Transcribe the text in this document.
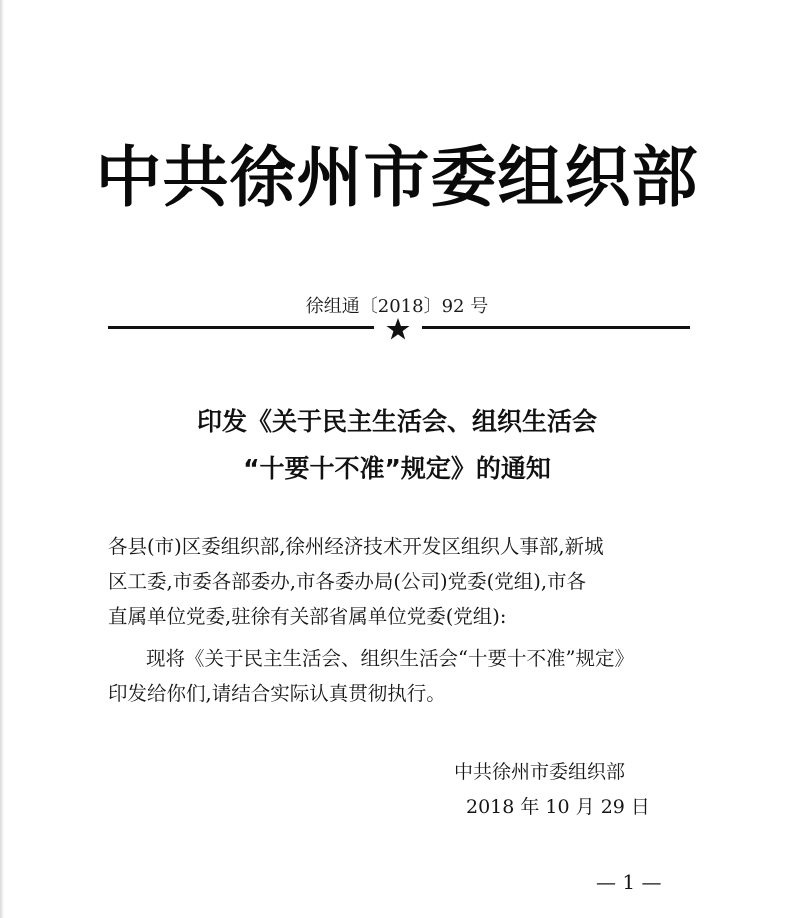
中共徐州市委组织部
徐组通〔2018〕92 号
印发《关于民主生活会、组织生活会
“十要十不准”规定》的通知
各县(市)区委组织部,徐州经济技术开发区组织人事部,新城
区工委,市委各部委办,市各委办局(公司)党委(党组),市各
直属单位党委,驻徐有关部省属单位党委(党组):
现将《关于民主生活会、组织生活会“十要十不准”规定》
印发给你们,请结合实际认真贯彻执行。
中共徐州市委组织部
2018 年 10 月 29 日
— 1 —
